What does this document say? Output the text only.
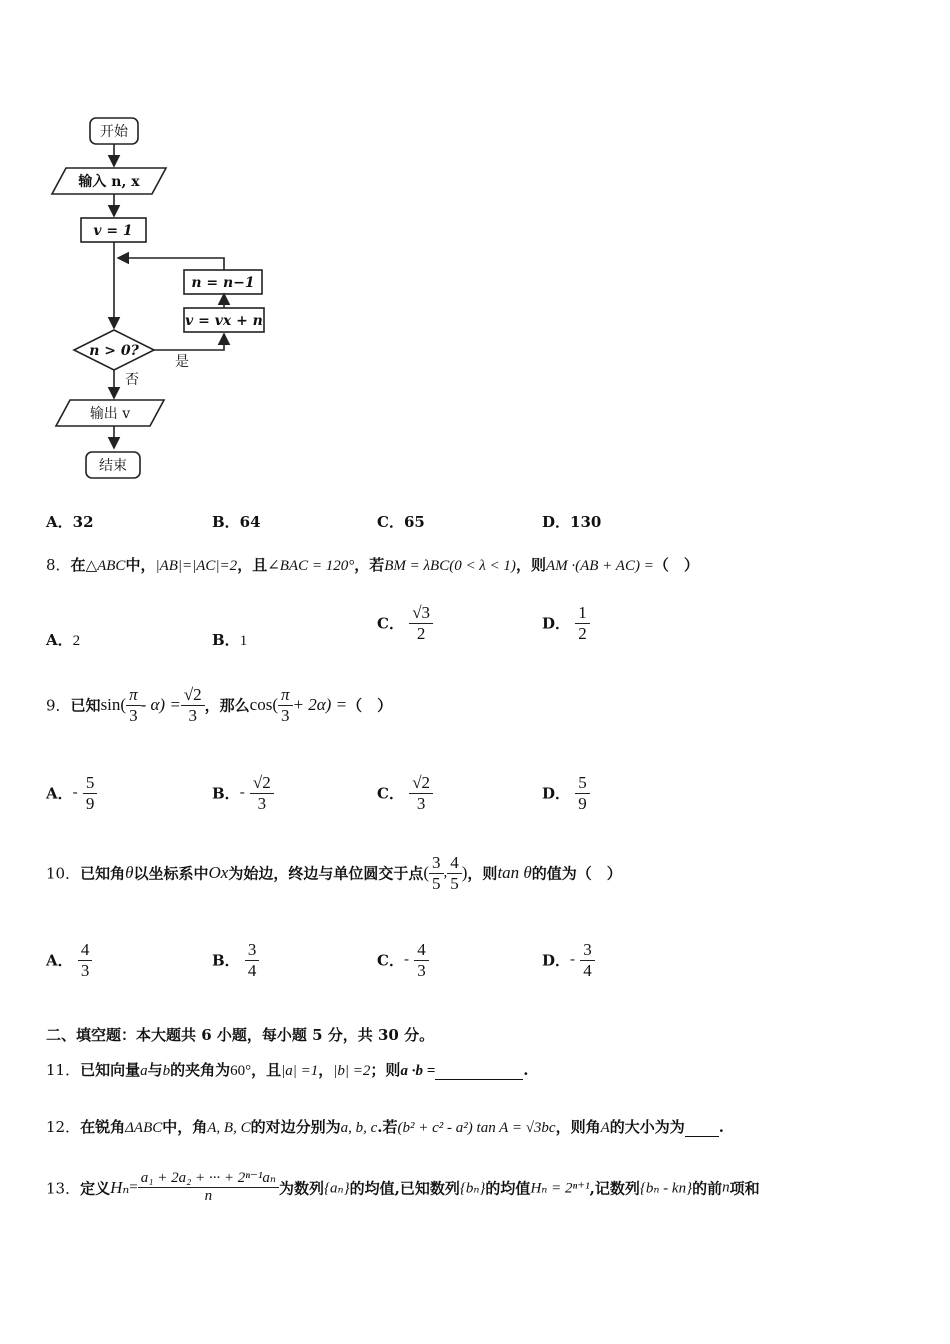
开始
输入 n, x
v = 1
n > 0?
是
否
v = vx + n
n = n−1
输出 v
结束
A．32	B．64	C．65	D．130
8．在△ABC中，|AB|=|AC|=2，且∠BAC = 120°，若BM = λBC(0 < λ < 1)，则AM ·(AB + AC) =（　）
A．2	B．1
C． $\frac{√3}{2}$	D． $\frac{1}{2}$
9．已知$\sin( \frac{\pi}{3} - \alpha) = \frac{√2}{3}$ ，那么$\cos( \frac{\pi}{3} + 2\alpha)$ =（　）
A．- $\frac{5}{9}$	B．- $\frac{√2}{3}$	C． $\frac{√2}{3}$	D． $\frac{5}{9}$
10．已知角θ以坐标系中Ox为始边，终边与单位圆交于点( $\frac{3}{5}$ , $\frac{4}{5}$ )，则tan θ的值为（　）
A． $\frac{4}{3}$	B． $\frac{3}{4}$	C．- $\frac{4}{3}$	D．- $\frac{3}{4}$
二、填空题：本大题共 6 小题，每小题 5 分，共 30 分。
11．已知向量a与b的夹角为60°，且|a| =1，|b| =2；则a ·b =	.
12．在锐角ΔABC中，角A, B, C的对边分别为a, b, c.若(b² + c² - a²) tan A = √3bc，则角A的大小为为 .
13．定义$H_n= \frac{\text{a₁ + 2a₂ + ··· + 2ⁿ⁻¹aₙ}}{n}$ 为数列{aₙ}的均值,已知数列{bₙ}的均值Hₙ = 2ⁿ⁺¹,记数列{bₙ - kn}的前n项和
